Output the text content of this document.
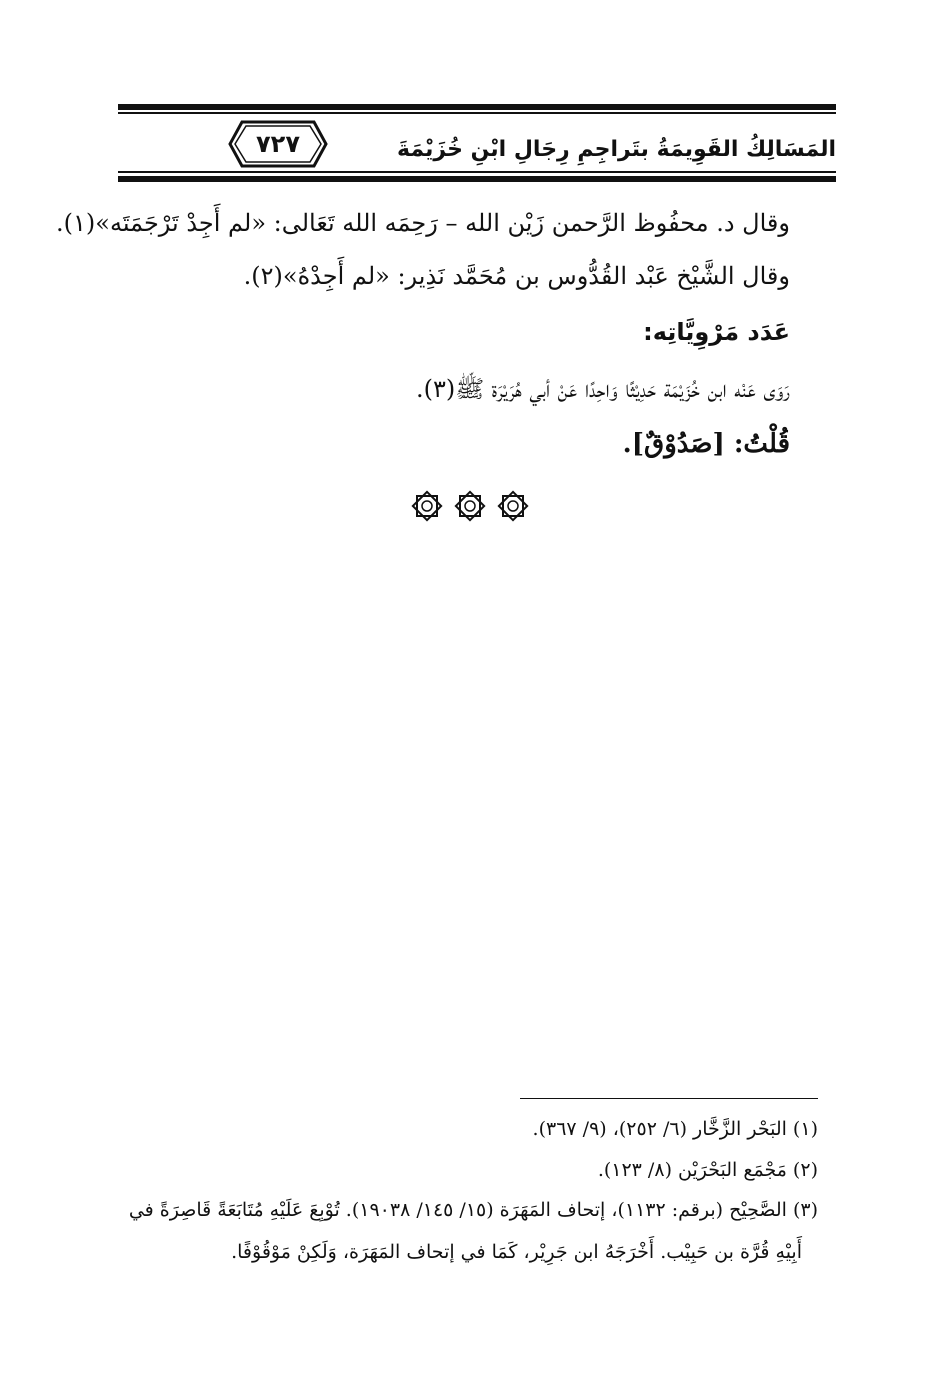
٧٢٧	المَسَالِكُ القَوِيمَةُ بتَراجِمِ رِجَالِ ابْنِ خُزَيْمَةَ
وقال د. محفُوظ الرَّحمن زَيْن الله – رَحِمَه الله تَعَالى: «لم أَجِدْ تَرْجَمَتَه»(١).
وقال الشَّيْخ عَبْد القُدُّوس بن مُحَمَّد نَذِير: «لم أَجِدْهُ»(٢).
عَدَد مَرْوِيَّاتِه:
رَوَى عَنْه ابن خُزَيْمَة حَدِيْثًا وَاحِدًا عَنْ أبي هُرَيْرَة ﷺ(٣).
قُلْتُ: [صَدُوْقٌ].
(١) البَحْر الزَّخَّار (٦/ ٢٥٢)، (٩/ ٣٦٧).
(٢) مَجْمَع البَحْرَيْن (٨/ ١٢٣).
(٣) الصَّحِيْح (برقم: ١١٣٢)، إتحاف المَهَرَة (١٥/ ١٤٥/ ١٩٠٣٨). تُوْبِعَ عَلَيْهِ مُتَابَعَةً قَاصِرَةً في
أَبِيْهِ قُرَّة بن حَبِيْب. أَخْرَجَهُ ابن جَرِيْر، كَمَا في إتحاف المَهَرَة، وَلَكِنْ مَوْقُوْفًا.
